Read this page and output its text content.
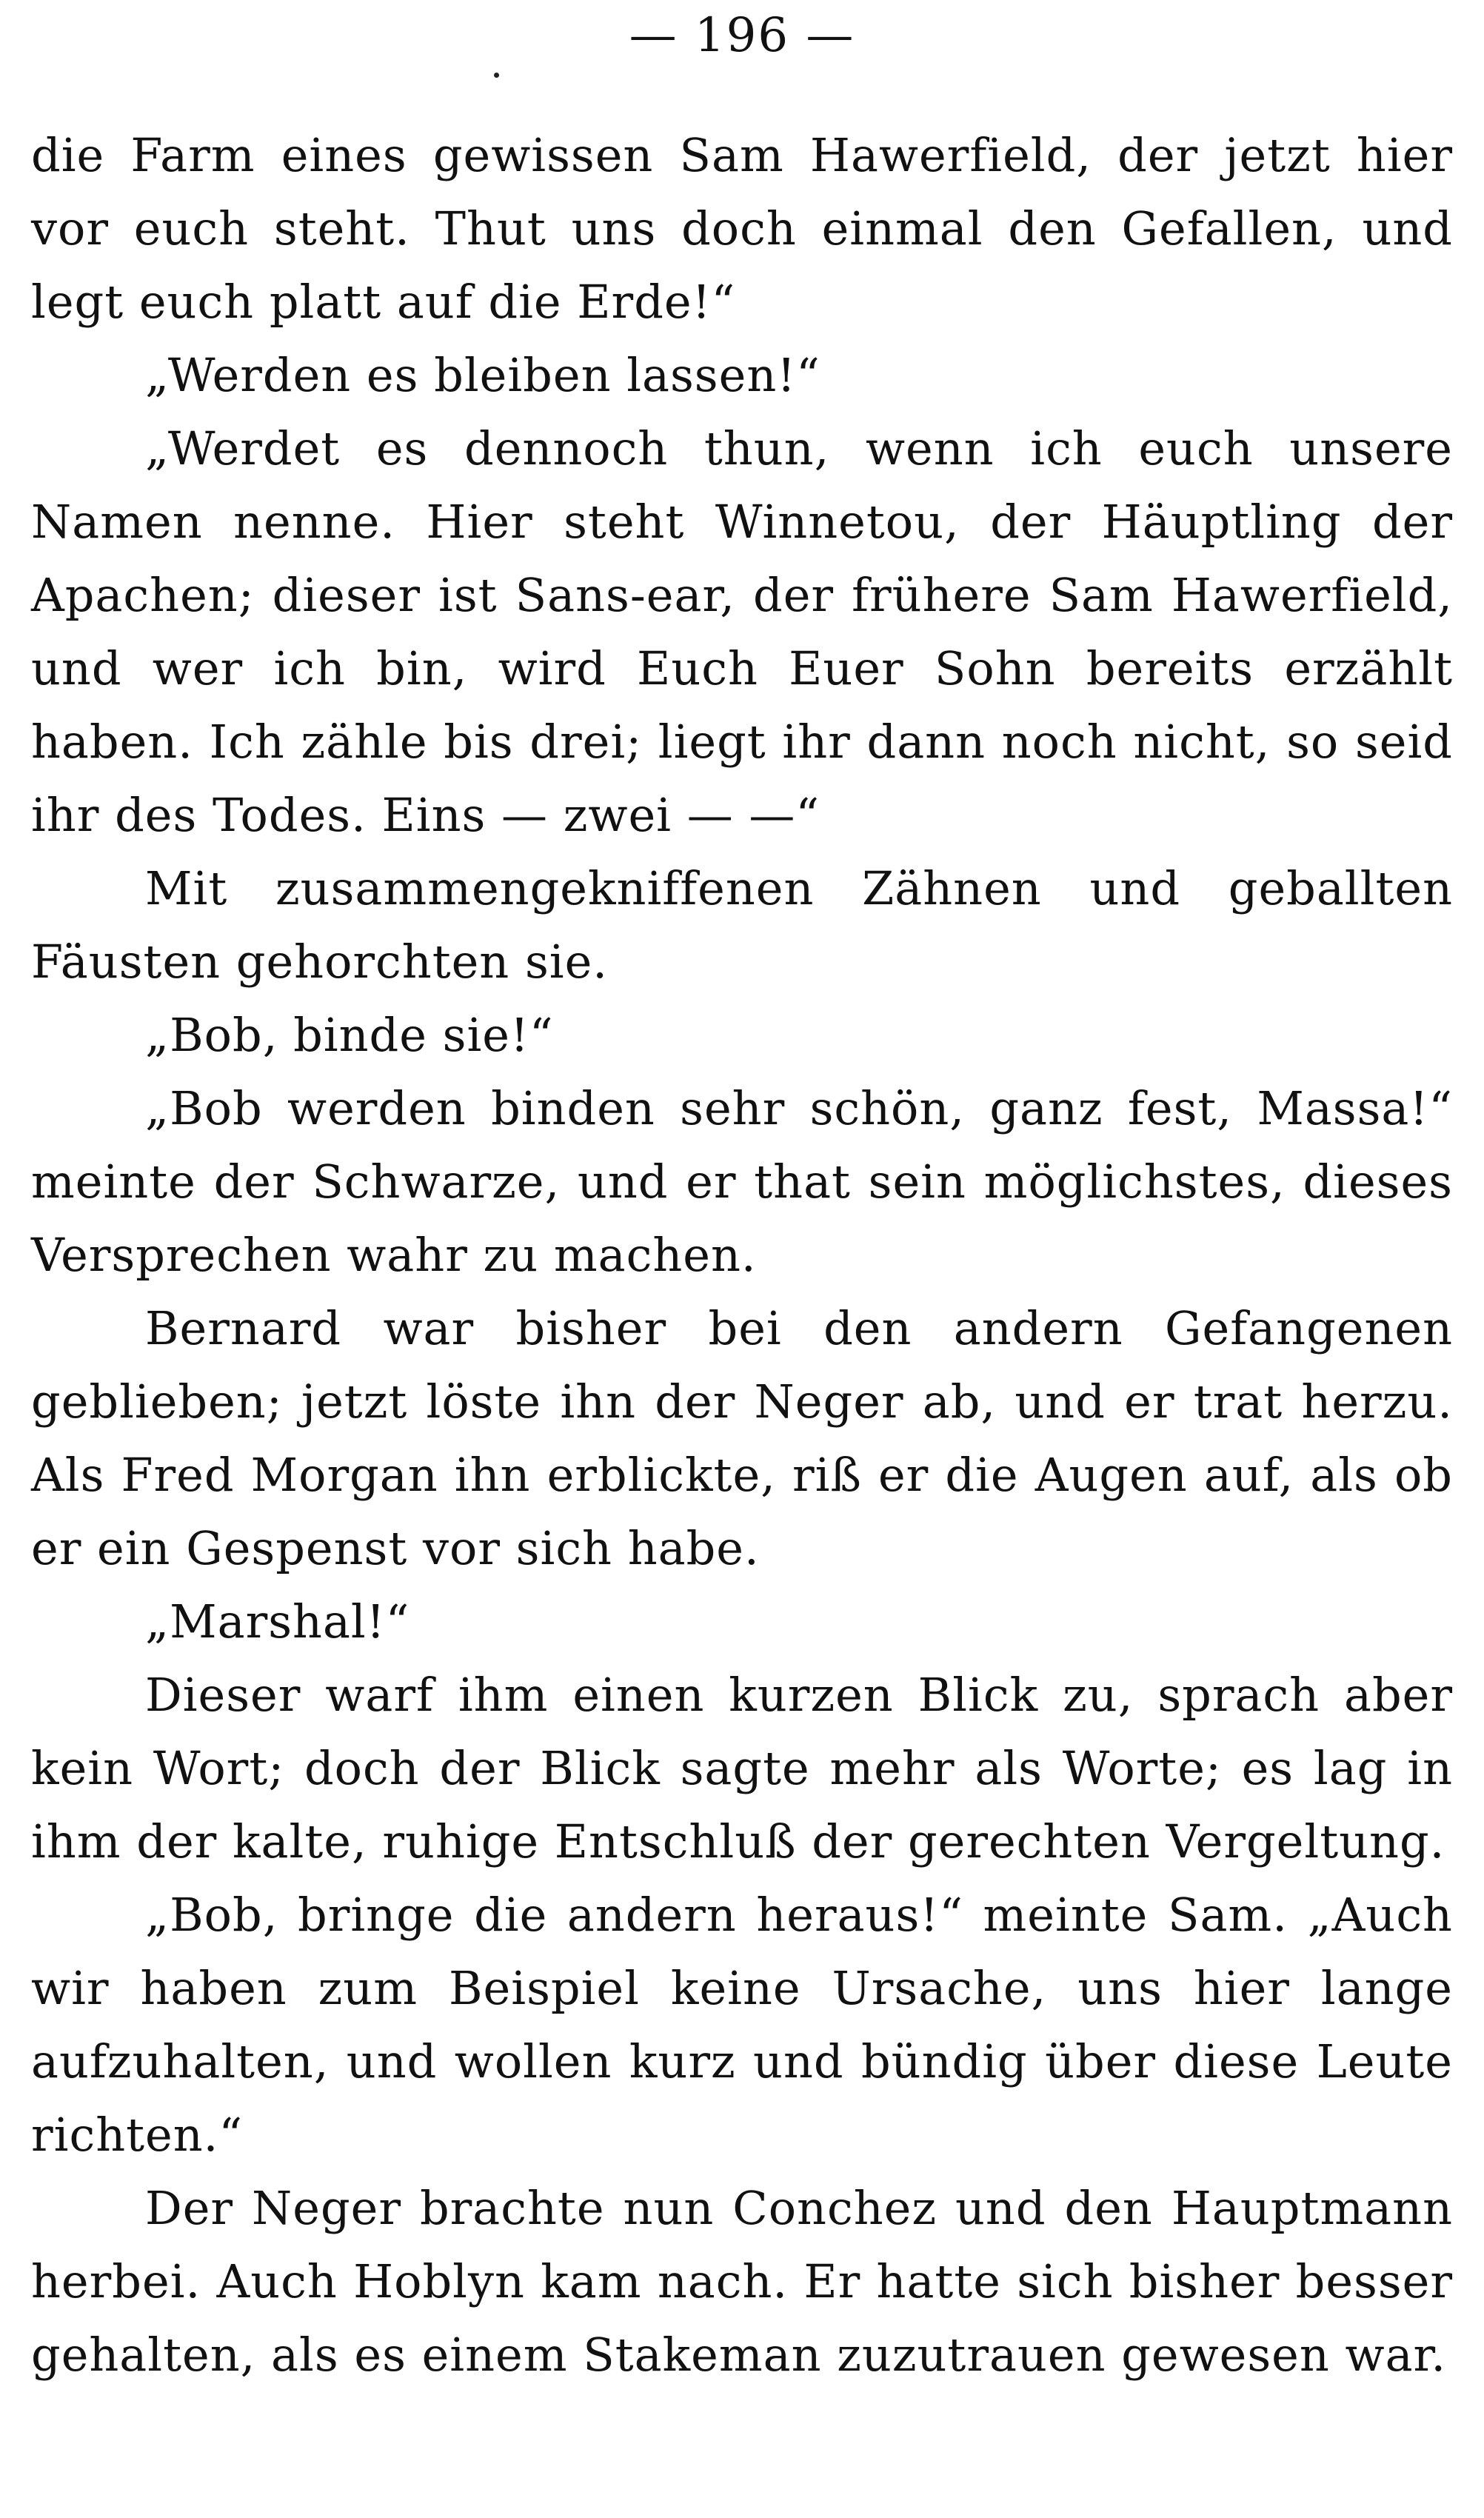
— 196 —

die Farm eines gewissen Sam Hawerfield, der jetzt hier vor euch steht. Thut uns doch einmal den Gefallen, und legt euch platt auf die Erde!“

„Werden es bleiben lassen!“

„Werdet es dennoch thun, wenn ich euch unsere Namen nenne. Hier steht Winnetou, der Häuptling der Apachen; dieser ist Sans-ear, der frühere Sam Hawerfield, und wer ich bin, wird Euch Euer Sohn bereits erzählt haben. Ich zähle bis drei; liegt ihr dann noch nicht, so seid ihr des Todes. Eins — zwei — —“

Mit zusammengekniffenen Zähnen und geballten Fäusten gehorchten sie.

„Bob, binde sie!“

„Bob werden binden sehr schön, ganz fest, Massa!“ meinte der Schwarze, und er that sein möglichstes, dieses Versprechen wahr zu machen.

Bernard war bisher bei den andern Gefangenen geblieben; jetzt löste ihn der Neger ab, und er trat herzu. Als Fred Morgan ihn erblickte, riß er die Augen auf, als ob er ein Gespenst vor sich habe.

„Marshal!“

Dieser warf ihm einen kurzen Blick zu, sprach aber kein Wort; doch der Blick sagte mehr als Worte; es lag in ihm der kalte, ruhige Entschluß der gerechten Vergeltung.

„Bob, bringe die andern heraus!“ meinte Sam. „Auch wir haben zum Beispiel keine Ursache, uns hier lange aufzuhalten, und wollen kurz und bündig über diese Leute richten.“

Der Neger brachte nun Conchez und den Hauptmann herbei. Auch Hoblyn kam nach. Er hatte sich bisher besser gehalten, als es einem Stakeman zuzutrauen gewesen war.
